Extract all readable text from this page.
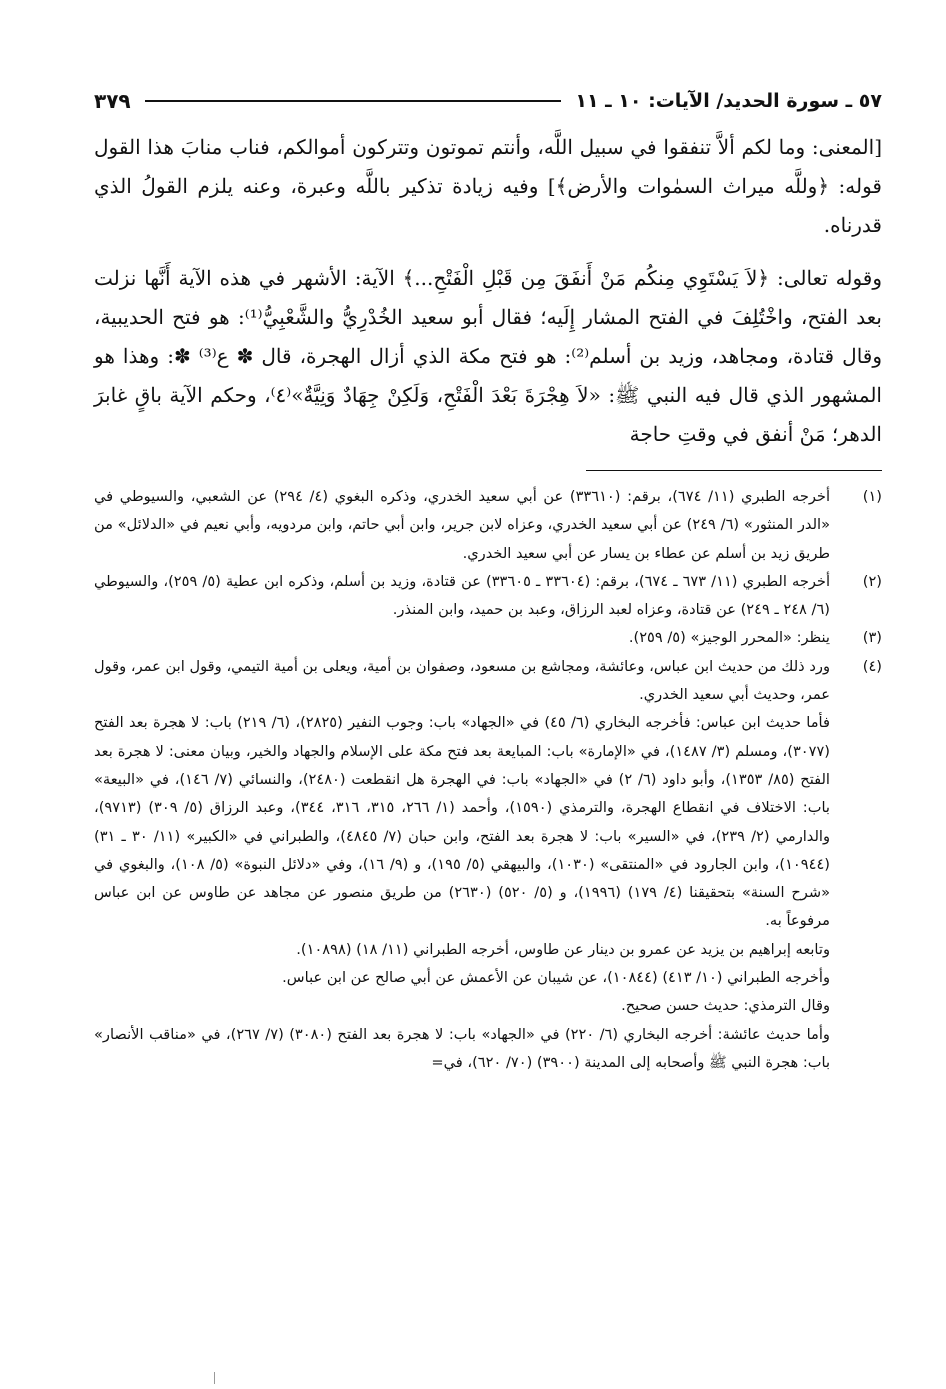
٥٧ ـ سورة الحديد/ الآيات: ١٠ ـ ١١
٣٧٩

[المعنى: وما لكم ألاَّ تنفقوا في سبيل اللَّه، وأنتم تموتون وتتركون أموالكم، فناب منابَ هذا القول قوله: ﴿وللَّه ميراث السمٰوات والأرض﴾] وفيه زيادة تذكير باللَّه وعبرة، وعنه يلزم القولُ الذي قدرناه.

وقوله تعالى: ﴿لاَ يَسْتَوِي مِنكُم مَنْ أَنفَقَ مِن قَبْلِ الْفَتْحِ...﴾ الآية: الأشهر في هذه الآية أَنَّها نزلت بعد الفتح، واخْتُلِفَ في الفتح المشار إِلَيه؛ فقال أبو سعيد الخُدْرِيُّ والشَّعْبِيُّ⁽¹⁾: هو فتح الحديبية، وقال قتادة، ومجاهد، وزيد بن أسلم⁽²⁾: هو فتح مكة الذي أزال الهجرة، قال ✽ ع⁽³⁾ ✽: وهذا هو المشهور الذي قال فيه النبي ﷺ: «لاَ هِجْرَةَ بَعْدَ الْفَتْحِ، وَلَكِنْ جِهَادٌ وَنِيَّةٌ»⁽٤⁾، وحكم الآية باقٍ غابرَ الدهر؛ مَنْ أنفق في وقتِ حاجة

(١)

أخرجه الطبري (١١/ ٦٧٤)، برقم: (٣٣٦١٠) عن أبي سعيد الخدري، وذكره البغوي (٤/ ٢٩٤) عن الشعبي، والسيوطي في «الدر المنثور» (٦/ ٢٤٩) عن أبي سعيد الخدري، وعزاه لابن جرير، وابن أبي حاتم، وابن مردويه، وأبي نعيم في «الدلائل» من طريق زيد بن أسلم عن عطاء بن يسار عن أبي سعيد الخدري.

(٢)

أخرجه الطبري (١١/ ٦٧٣ ـ ٦٧٤)، برقم: (٣٣٦٠٤ ـ ٣٣٦٠٥) عن قتادة، وزيد بن أسلم، وذكره ابن عطية (٥/ ٢٥٩)، والسيوطي (٦/ ٢٤٨ ـ ٢٤٩) عن قتادة، وعزاه لعبد الرزاق، وعبد بن حميد، وابن المنذر.

(٣)

ينظر: «المحرر الوجيز» (٥/ ٢٥٩).

(٤)

ورد ذلك من حديث ابن عباس، وعائشة، ومجاشع بن مسعود، وصفوان بن أمية، ويعلى بن أمية التيمي، وقول ابن عمر، وقول عمر، وحديث أبي سعيد الخدري.

فأما حديث ابن عباس: فأخرجه البخاري (٦/ ٤٥) في «الجهاد» باب: وجوب النفير (٢٨٢٥)، (٦/ ٢١٩) باب: لا هجرة بعد الفتح (٣٠٧٧)، ومسلم (٣/ ١٤٨٧)، في «الإمارة» باب: المبايعة بعد فتح مكة على الإسلام والجهاد والخير، وبيان معنى: لا هجرة بعد الفتح (٨٥/ ١٣٥٣)، وأبو داود (٦/ ٢) في «الجهاد» باب: في الهجرة هل انقطعت (٢٤٨٠)، والنسائي (٧/ ١٤٦)، في «البيعة» باب: الاختلاف في انقطاع الهجرة، والترمذي (١٥٩٠)، وأحمد (١/ ٢٦٦، ٣١٥، ٣١٦، ٣٤٤)، وعبد الرزاق (٥/ ٣٠٩) (٩٧١٣)، والدارمي (٢/ ٢٣٩)، في «السير» باب: لا هجرة بعد الفتح، وابن حبان (٧/ ٤٨٤٥)، والطبراني في «الكبير» (١١/ ٣٠ ـ ٣١) (١٠٩٤٤)، وابن الجارود في «المنتقى» (١٠٣٠)، والبيهقي (٥/ ١٩٥)، و (٩/ ١٦)، وفي «دلائل النبوة» (٥/ ١٠٨)، والبغوي في «شرح السنة» بتحقيقنا (٤/ ١٧٩) (١٩٩٦)، و (٥/ ٥٢٠) (٢٦٣٠) من طريق منصور عن مجاهد عن طاوس عن ابن عباس مرفوعاً به.

وتابعه إبراهيم بن يزيد عن عمرو بن دينار عن طاوس، أخرجه الطبراني (١١/ ١٨) (١٠٨٩٨).

وأخرجه الطبراني (١٠/ ٤١٣) (١٠٨٤٤)، عن شيبان عن الأعمش عن أبي صالح عن ابن عباس.

وقال الترمذي: حديث حسن صحيح.

وأما حديث عائشة: أخرجه البخاري (٦/ ٢٢٠) في «الجهاد» باب: لا هجرة بعد الفتح (٣٠٨٠) (٧/ ٢٦٧)، في «مناقب الأنصار» باب: هجرة النبي ﷺ وأصحابه إلى المدينة (٣٩٠٠) (٧٠/ ٦٢٠)، في=
